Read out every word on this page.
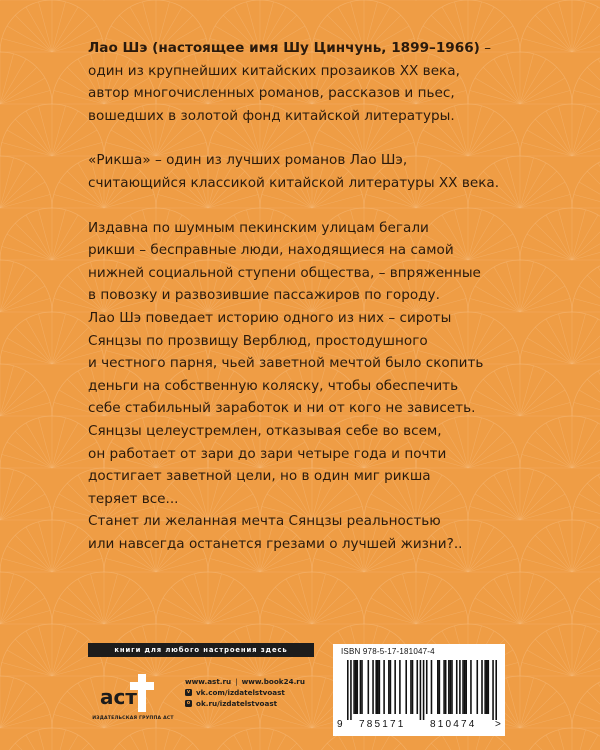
Лао Шэ (настоящее имя Шу Цинчунь, 1899–1966) –
один из крупнейших китайских прозаиков XX века,
автор многочисленных романов, рассказов и пьес,
вошедших в золотой фонд китайской литературы.

«Рикша» – один из лучших романов Лао Шэ,
считающийся классикой китайской литературы XX века.

Издавна по шумным пекинским улицам бегали
рикши – бесправные люди, находящиеся на самой
нижней социальной ступени общества, – впряженные
в повозку и развозившие пассажиров по городу.
Лао Шэ поведает историю одного из них – сироты
Сянцзы по прозвищу Верблюд, простодушного
и честного парня, чьей заветной мечтой было скопить
деньги на собственную коляску, чтобы обеспечить
себе стабильный заработок и ни от кого не зависеть.
Сянцзы целеустремлен, отказывая себе во всем,
он работает от зари до зари четыре года и почти
достигает заветной цели, но в один миг рикша
теряет все...
Станет ли желанная мечта Сянцзы реальностью
или навсегда останется грезами о лучшей жизни?..

книги для любого настроения здесь
аст
ИЗДАТЕЛЬСКАЯ ГРУППА АСТ
www.ast.ru | www.book24.ru
v vk.com/izdatelstvoast
o ok.ru/izdatelstvoast
ISBN 978-5-17-181047-4
9 785171 810474 >
